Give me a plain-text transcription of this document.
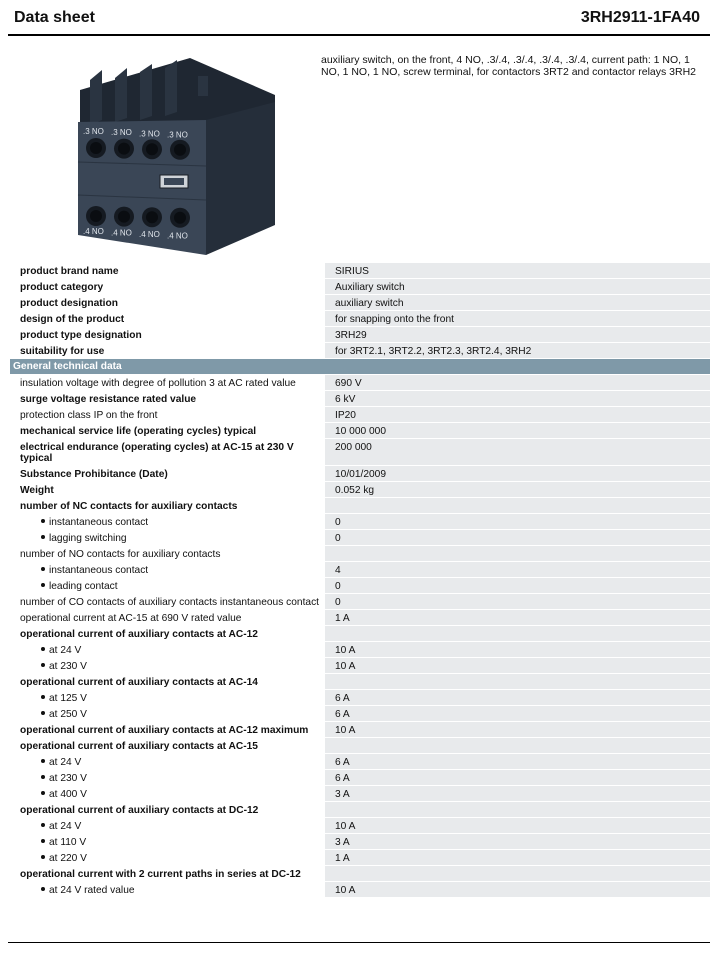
Data sheet	3RH2911-1FA40
.3 NO .3 NO .3 NO .3 NO
.4 NO .4 NO .4 NO .4 NO
auxiliary switch, on the front, 4 NO, .3/.4, .3/.4, .3/.4, .3/.4, current path: 1 NO, 1 NO, 1 NO, 1 NO, screw terminal, for contactors 3RT2 and contactor relays 3RH2
product brand name	SIRIUS
product category	Auxiliary switch
product designation	auxiliary switch
design of the product	for snapping onto the front
product type designation	3RH29
suitability for use	for 3RT2.1, 3RT2.2, 3RT2.3, 3RT2.4, 3RH2
General technical data	
insulation voltage with degree of pollution 3 at AC rated value	690 V
surge voltage resistance rated value	6 kV
protection class IP on the front	IP20
mechanical service life (operating cycles) typical	10 000 000
electrical endurance (operating cycles) at AC-15 at 230 V typical	200 000
Substance Prohibitance (Date)	10/01/2009
Weight	0.052 kg
number of NC contacts for auxiliary contacts	
instantaneous contact	0
lagging switching	0
number of NO contacts for auxiliary contacts	
instantaneous contact	4
leading contact	0
number of CO contacts of auxiliary contacts instantaneous contact	0
operational current at AC-15 at 690 V rated value	1 A
operational current of auxiliary contacts at AC-12	
at 24 V	10 A
at 230 V	10 A
operational current of auxiliary contacts at AC-14	
at 125 V	6 A
at 250 V	6 A
operational current of auxiliary contacts at AC-12 maximum	10 A
operational current of auxiliary contacts at AC-15	
at 24 V	6 A
at 230 V	6 A
at 400 V	3 A
operational current of auxiliary contacts at DC-12	
at 24 V	10 A
at 110 V	3 A
at 220 V	1 A
operational current with 2 current paths in series at DC-12	
at 24 V rated value	10 A
